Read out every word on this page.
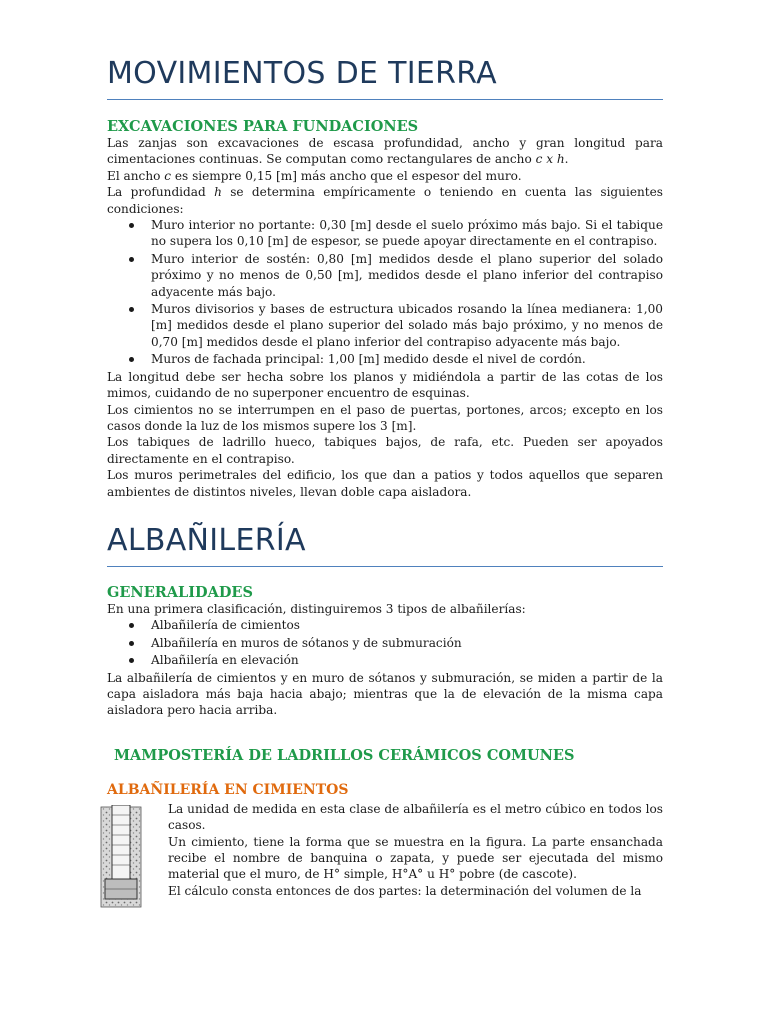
MOVIMIENTOS DE TIERRA
EXCAVACIONES PARA FUNDACIONES

Las zanjas son excavaciones de escasa profundidad, ancho y gran longitud para cimentaciones continuas. Se computan como rectangulares de ancho c x h.

El ancho c es siempre 0,15 [m] más ancho que el espesor del muro.

La profundidad h se determina empíricamente o teniendo en cuenta las siguientes condiciones:

Muro interior no portante: 0,30 [m] desde el suelo próximo más bajo. Si el tabique no supera los 0,10 [m] de espesor, se puede apoyar directamente en el contrapiso.
Muro interior de sostén: 0,80 [m] medidos desde el plano superior del solado próximo y no menos de 0,50 [m], medidos desde el plano inferior del contrapiso adyacente más bajo.
Muros divisorios y bases de estructura ubicados rosando la línea medianera: 1,00 [m] medidos desde el plano superior del solado más bajo próximo, y no menos de 0,70 [m] medidos desde el plano inferior del contrapiso adyacente más bajo.
Muros de fachada principal: 1,00 [m] medido desde el nivel de cordón.

La longitud debe ser hecha sobre los planos y midiéndola a partir de las cotas de los mimos, cuidando de no superponer encuentro de esquinas.

Los cimientos no se interrumpen en el paso de puertas, portones, arcos; excepto en los casos donde la luz de los mismos supere los 3 [m].

Los tabiques de ladrillo hueco, tabiques bajos, de rafa, etc. Pueden ser apoyados directamente en el contrapiso.

Los muros perimetrales del edificio, los que dan a patios y todos aquellos que separen ambientes de distintos niveles, llevan doble capa aisladora.

ALBAÑILERÍA
GENERALIDADES

En una primera clasificación, distinguiremos 3 tipos de albañilerías:

Albañilería de cimientos
Albañilería en muros de sótanos y de submuración
Albañilería en elevación

La albañilería de cimientos y en muro de sótanos y submuración, se miden a partir de la capa aisladora más baja hacia abajo; mientras que la de elevación de la misma capa aisladora pero hacia arriba.

MAMPOSTERÍA DE LADRILLOS CERÁMICOS COMUNES
ALBAÑILERÍA EN CIMIENTOS

La unidad de medida en esta clase de albañilería es el metro cúbico en todos los casos.

Un cimiento, tiene la forma que se muestra en la figura. La parte ensanchada recibe el nombre de banquina o zapata, y puede ser ejecutada del mismo material que el muro, de H° simple, H°A° u H° pobre (de cascote).

El cálculo consta entonces de dos partes: la determinación del volumen de la
